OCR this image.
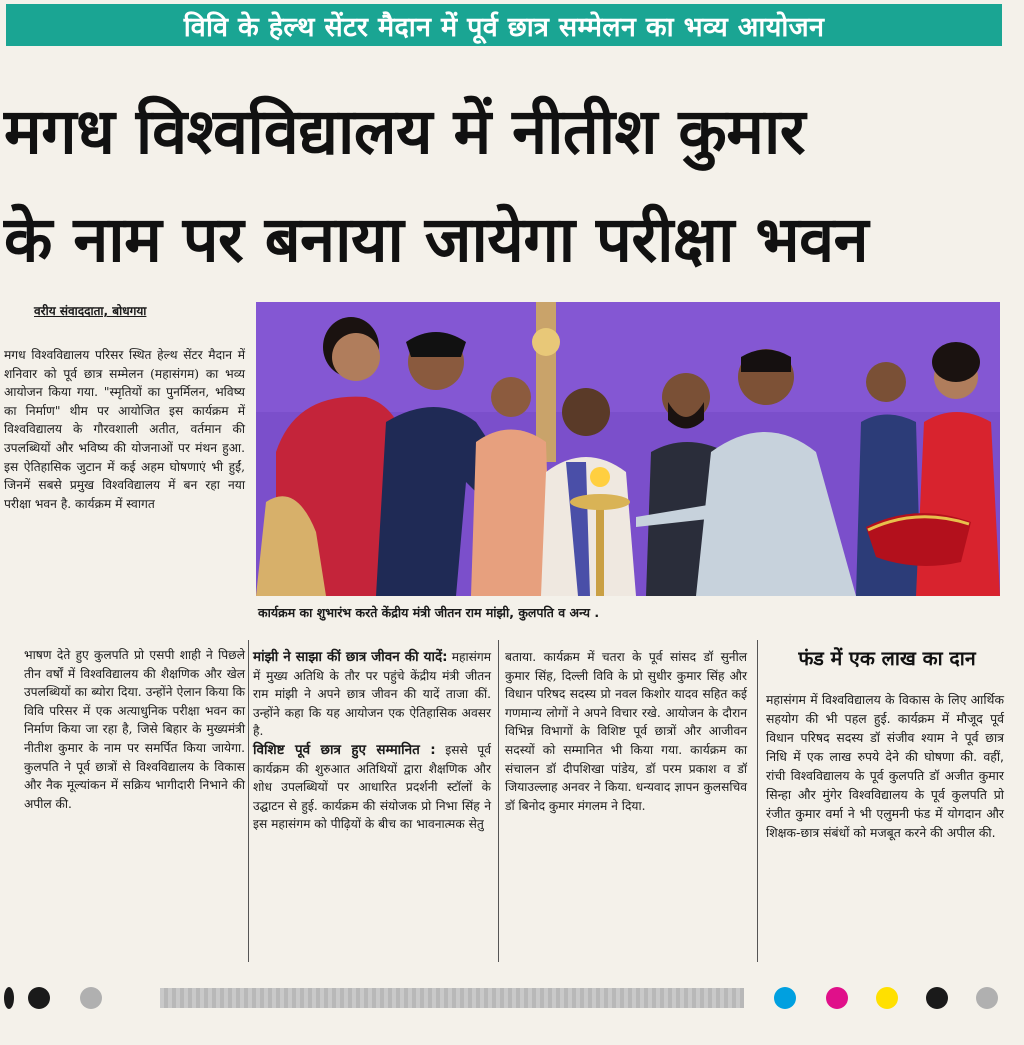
विवि के हेल्थ सेंटर मैदान में पूर्व छात्र सम्मेलन का भव्य आयोजन
मगध विश्वविद्यालय में नीतीश कुमार
के नाम पर बनाया जायेगा परीक्षा भवन
वरीय संवाददाता, बोधगया
मगध विश्वविद्यालय परिसर स्थित हेल्थ सेंटर मैदान में शनिवार को पूर्व छात्र सम्मेलन (महासंगम) का भव्य आयोजन किया गया. "स्मृतियों का पुनर्मिलन, भविष्य का निर्माण" थीम पर आयोजित इस कार्यक्रम में विश्वविद्यालय के गौरवशाली अतीत, वर्तमान की उपलब्धियों और भविष्य की योजनाओं पर मंथन हुआ. इस ऐतिहासिक जुटान में कई अहम घोषणाएं भी हुईं, जिनमें सबसे प्रमुख विश्वविद्यालय में बन रहा नया परीक्षा भवन है. कार्यक्रम में स्वागत
भाषण देते हुए कुलपति प्रो एसपी शाही ने पिछले तीन वर्षों में विश्वविद्यालय की शैक्षणिक और खेल उपलब्धियों का ब्योरा दिया. उन्होंने ऐलान किया कि विवि परिसर में एक अत्याधुनिक परीक्षा भवन का निर्माण किया जा रहा है, जिसे बिहार के मुख्यमंत्री नीतीश कुमार के नाम पर समर्पित किया जायेगा. कुलपति ने पूर्व छात्रों से विश्वविद्यालय के विकास और नैक मूल्यांकन में सक्रिय भागीदारी निभाने की अपील की.
मांझी ने साझा कीं छात्र जीवन की यादें: महासंगम में मुख्य अतिथि के तौर पर पहुंचे केंद्रीय मंत्री जीतन राम मांझी ने अपने छात्र जीवन की यादें ताजा कीं. उन्होंने कहा कि यह आयोजन एक ऐतिहासिक अवसर है.
विशिष्ट पूर्व छात्र हुए सम्मानित : इससे पूर्व कार्यक्रम की शुरुआत अतिथियों द्वारा शैक्षणिक और शोध उपलब्धियों पर आधारित प्रदर्शनी स्टॉलों के उद्घाटन से हुई. कार्यक्रम की संयोजक प्रो निभा सिंह ने इस महासंगम को पीढ़ियों के बीच का भावनात्मक सेतु
बताया. कार्यक्रम में चतरा के पूर्व सांसद डॉ सुनील कुमार सिंह, दिल्ली विवि के प्रो सुधीर कुमार सिंह और विधान परिषद सदस्य प्रो नवल किशोर यादव सहित कई गणमान्य लोगों ने अपने विचार रखे. आयोजन के दौरान विभिन्न विभागों के विशिष्ट पूर्व छात्रों और आजीवन सदस्यों को सम्मानित भी किया गया. कार्यक्रम का संचालन डॉ दीपशिखा पांडेय, डॉ परम प्रकाश व डॉ जियाउल्लाह अनवर ने किया. धन्यवाद ज्ञापन कुलसचिव डॉ बिनोद कुमार मंगलम ने दिया.
फंड में एक लाख का दान
महासंगम में विश्वविद्यालय के विकास के लिए आर्थिक सहयोग की भी पहल हुई. कार्यक्रम में मौजूद पूर्व विधान परिषद सदस्य डॉ संजीव श्याम ने पूर्व छात्र निधि में एक लाख रुपये देने की घोषणा की. वहीं, रांची विश्वविद्यालय के पूर्व कुलपति डॉ अजीत कुमार सिन्हा और मुंगेर विश्वविद्यालय के पूर्व कुलपति प्रो रंजीत कुमार वर्मा ने भी एलुमनी फंड में योगदान और शिक्षक-छात्र संबंधों को मजबूत करने की अपील की.
कार्यक्रम का शुभारंभ करते केंद्रीय मंत्री जीतन राम मांझी, कुलपति व अन्य .
